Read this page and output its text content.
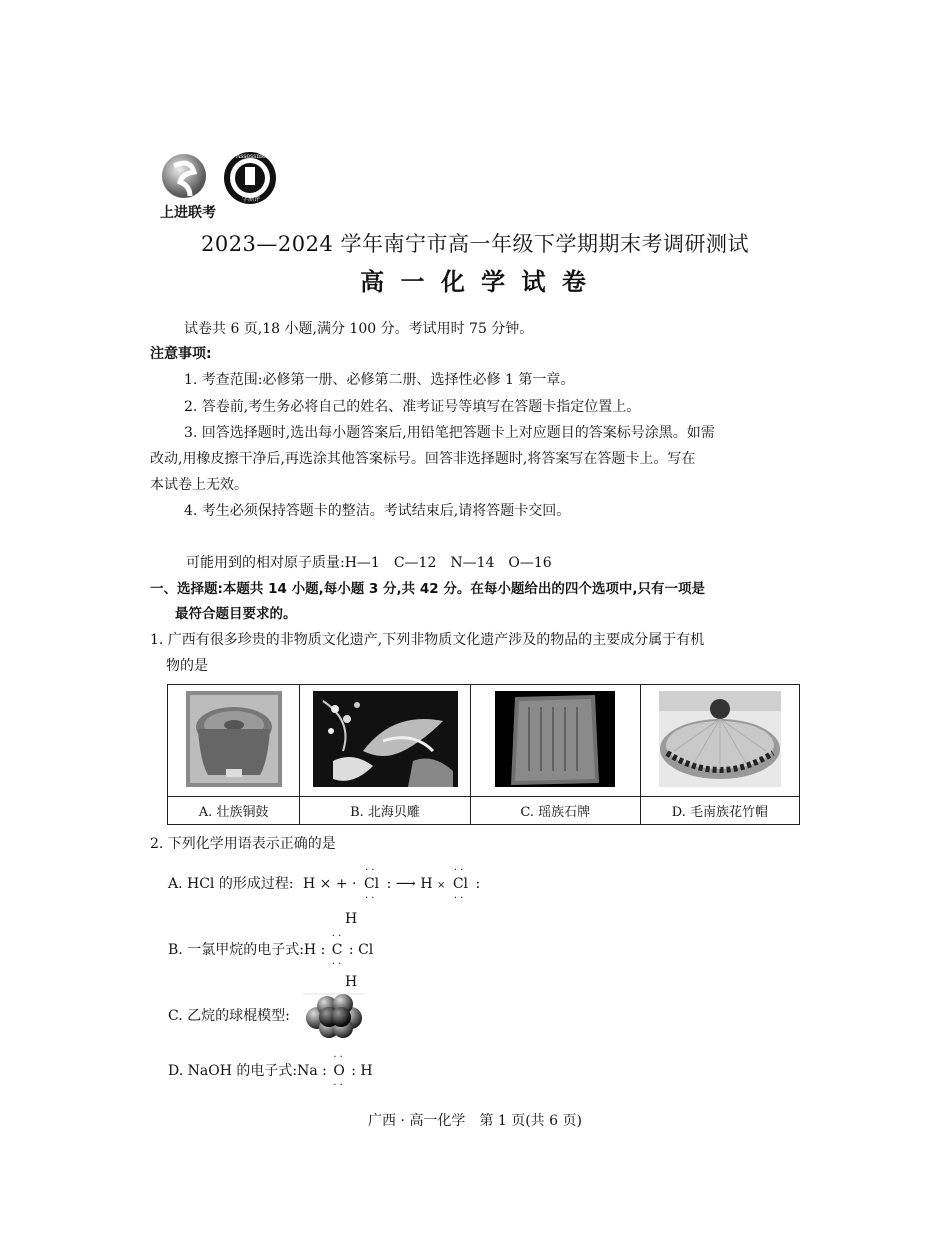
上进联考
Assessment
学测评
2023—2024 学年南宁市高一年级下学期期末考调研测试
高 一 化 学 试 卷
试卷共 6 页,18 小题,满分 100 分。考试用时 75 分钟。
注意事项:
1. 考查范围:必修第一册、必修第二册、选择性必修 1 第一章。
2. 答卷前,考生务必将自己的姓名、准考证号等填写在答题卡指定位置上。
3. 回答选择题时,选出每小题答案后,用铅笔把答题卡上对应题目的答案标号涂黑。如需
改动,用橡皮擦干净后,再选涂其他答案标号。回答非选择题时,将答案写在答题卡上。写在
本试卷上无效。
4. 考生必须保持答题卡的整洁。考试结束后,请将答题卡交回。
可能用到的相对原子质量:H—1　C—12　N—14　O—16
一、选择题:本题共 14 小题,每小题 3 分,共 42 分。在每小题给出的四个选项中,只有一项是
最符合题目要求的。
1. 广西有很多珍贵的非物质文化遗产,下列非物质文化遗产涉及的物品的主要成分属于有机
物的是

A. 壮族铜鼓	B. 北海贝雕	C. 瑶族石牌	D. 毛南族花竹帽
2. 下列化学用语表示正确的是
A. HCl 的形成过程: H × + ·
· ·
Cl
· ·
: ⟶ H ×
· ·
Cl
· ·
:
H
B. 一氯甲烷的电子式:H :
· ·
C
· ·
: Cl
H
C. 乙烷的球棍模型:
D. NaOH 的电子式:Na :
· ·
O
· ·
: H
广西 · 高一化学　第 1 页(共 6 页)
